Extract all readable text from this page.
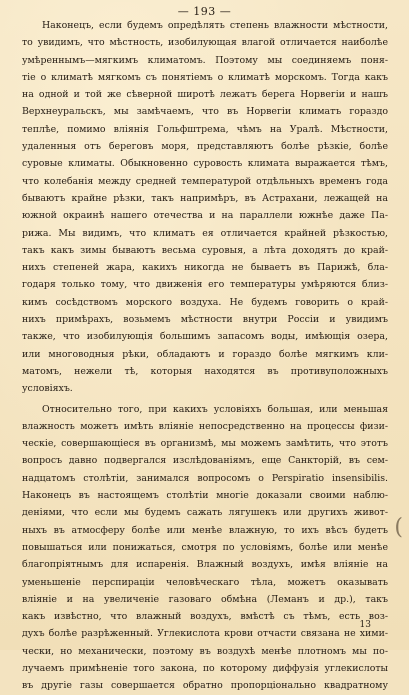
— 193 —
Наконецъ, если будемъ опредѣлять степень влажности мѣстности,
то увидимъ, что мѣстность, изобилующая влагой отличается наиболѣе
умѣреннымъ—мягкимъ климатомъ. Поэтому мы соединяемъ поня-
тіе о климатѣ мягкомъ съ понятіемъ о климатѣ морскомъ. Тогда какъ
на одной и той же сѣверной широтѣ лежатъ берега Норвегіи и нашъ
Верхнеуральскъ, мы замѣчаемъ, что въ Норвегіи климатъ гораздо
теплѣе, помимо вліянія Гольфштрема, чѣмъ на Уралѣ. Мѣстности,
удаленныя отъ береговъ моря, представляютъ болѣе рѣзкіе, болѣе
суровые климаты. Обыкновенно суровость климата выражается тѣмъ,
что колебанія между средней температурой отдѣльныхъ временъ года
бываютъ крайне рѣзки, такъ напримѣръ, въ Астрахани, лежащей на
южной окраинѣ нашего отечества и на параллели южнѣе даже Па-
рижа. Мы видимъ, что климатъ ея отличается крайней рѣзкостью,
такъ какъ зимы бываютъ весьма суровыя, а лѣта доходятъ до край-
нихъ степеней жара, какихъ никогда не бываетъ въ Парижѣ, бла-
годаря только тому, что движенія его температуры умѣряются близ-
кимъ сосѣдствомъ морского воздуха. Не будемъ говорить о край-
нихъ примѣрахъ, возьмемъ мѣстности внутри Россіи и увидимъ
также, что изобилующія большимъ запасомъ воды, имѣющія озера,
или многоводныя рѣки, обладаютъ и гораздо болѣе мягкимъ кли-
матомъ, нежели тѣ, которыя находятся въ противуположныхъ
условіяхъ.
Относительно того, при какихъ условіяхъ большая, или меньшая
влажность можетъ имѣть вліяніе непосредственно на процессы физи-
ческіе, совершающіеся въ организмѣ, мы можемъ замѣтить, что этотъ
вопросъ давно подвергался изслѣдованіямъ, еще Санкторій, въ сем-
надцатомъ столѣтіи, занимался вопросомъ о Perspiratio insensibilis.
Наконецъ въ настоящемъ столѣтіи многіе доказали своими наблю-
деніями, что если мы будемъ сажать лягушекъ или другихъ живот-
ныхъ въ атмосферу болѣе или менѣе влажную, то ихъ вѣсъ будетъ
повышаться или понижаться, смотря по условіямъ, болѣе или менѣе
благопріятнымъ для испаренія. Влажный воздухъ, имѣя вліяніе на
уменьшеніе перспираціи человѣческаго тѣла, можетъ оказывать
вліяніе и на увеличеніе газоваго обмѣна (Леманъ и др.), такъ
какъ извѣстно, что влажный воздухъ, вмѣстѣ съ тѣмъ, есть воз-
духъ болѣе разрѣженный. Углекислота крови отчасти связана не хими-
чески, но механически, поэтому въ воздухѣ менѣе плотномъ мы по-
лучаемъ примѣненіе того закона, по которому диффузія углекислоты
въ другіе газы совершается обратно пропорціонально квадратному
(
13
